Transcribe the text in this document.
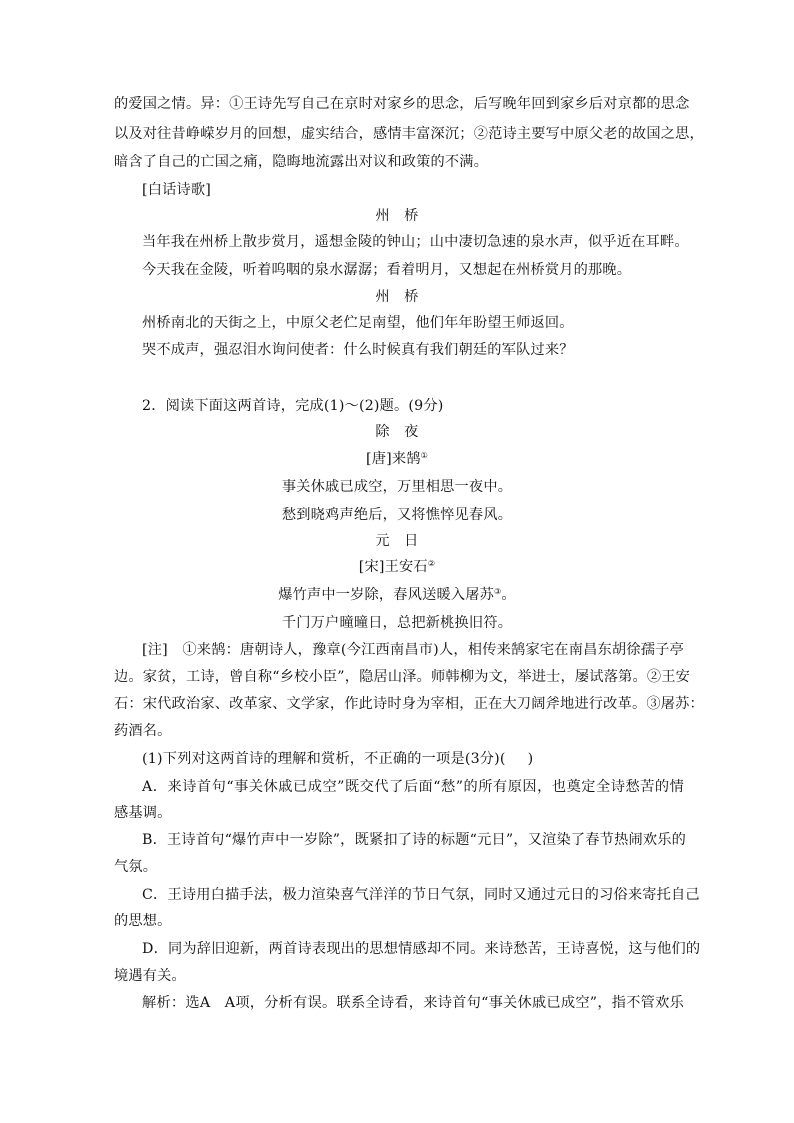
的爱国之情。异：①王诗先写自己在京时对家乡的思念，后写晚年回到家乡后对京都的思念
以及对往昔峥嵘岁月的回想，虚实结合，感情丰富深沉；②范诗主要写中原父老的故国之思，
暗含了自己的亡国之痛，隐晦地流露出对议和政策的不满。
[白话诗歌]
州　桥
当年我在州桥上散步赏月，遥想金陵的钟山；山中凄切急速的泉水声，似乎近在耳畔。
今天我在金陵，听着呜咽的泉水潺潺；看着明月，又想起在州桥赏月的那晚。
州　桥
州桥南北的天街之上，中原父老伫足南望，他们年年盼望王师返回。
哭不成声，强忍泪水询问使者：什么时候真有我们朝廷的军队过来？
2．阅读下面这两首诗，完成(1)～(2)题。(9分)
除　夜
[唐]来鹄①
事关休戚已成空，万里相思一夜中。
愁到晓鸡声绝后，又将憔悴见春风。
元　日
[宋]王安石②
爆竹声中一岁除，春风送暖入屠苏③。
千门万户曈曈日，总把新桃换旧符。
[注]　①来鹄：唐朝诗人，豫章(今江西南昌市)人，相传来鹄家宅在南昌东胡徐孺子亭
边。家贫，工诗，曾自称“乡校小臣”，隐居山泽。师韩柳为文，举进士，屡试落第。②王安
石：宋代政治家、改革家、文学家，作此诗时身为宰相，正在大刀阔斧地进行改革。③屠苏：
药酒名。
(1)下列对这两首诗的理解和赏析，不正确的一项是(3分)( )
A．来诗首句“事关休戚已成空”既交代了后面“愁”的所有原因，也奠定全诗愁苦的情
感基调。
B．王诗首句“爆竹声中一岁除”，既紧扣了诗的标题“元日”，又渲染了春节热闹欢乐的
气氛。
C．王诗用白描手法，极力渲染喜气洋洋的节日气氛，同时又通过元日的习俗来寄托自己
的思想。
D．同为辞旧迎新，两首诗表现出的思想情感却不同。来诗愁苦，王诗喜悦，这与他们的
境遇有关。
解析：选A　A项，分析有误。联系全诗看，来诗首句“事关休戚已成空”，指不管欢乐
